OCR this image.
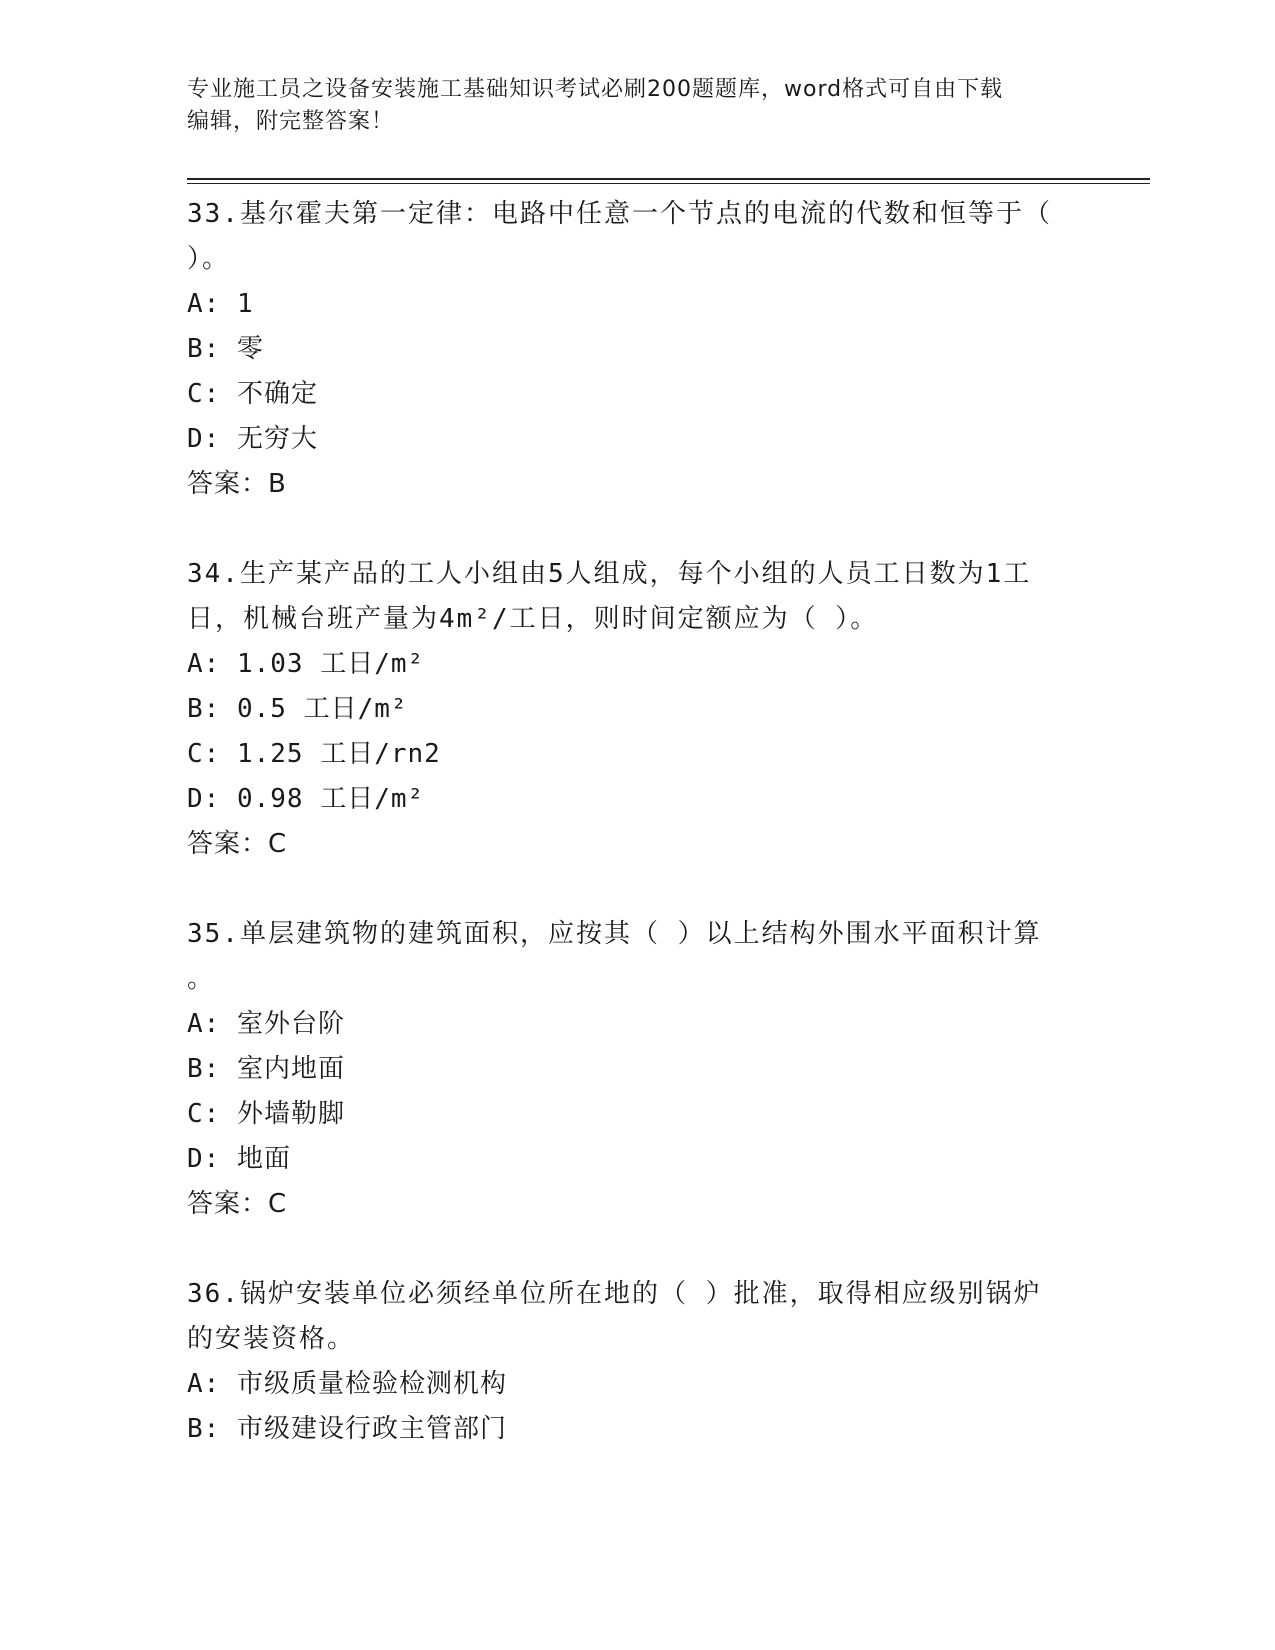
专业施工员之设备安装施工基础知识考试必刷200题题库，word格式可自由下载
编辑，附完整答案！

33.基尔霍夫第一定律：电路中任意一个节点的电流的代数和恒等于（

）。

A: 1

B: 零

C: 不确定

D: 无穷大

答案：B

34.生产某产品的工人小组由5人组成，每个小组的人员工日数为1工

日，机械台班产量为4m²/工日，则时间定额应为（ ）。

A: 1.03 工日/m²

B: 0.5 工日/m²

C: 1.25 工日/rn2

D: 0.98 工日/m²

答案：C

35.单层建筑物的建筑面积，应按其（ ）以上结构外围水平面积计算

。

A: 室外台阶

B: 室内地面

C: 外墙勒脚

D: 地面

答案：C

36.锅炉安装单位必须经单位所在地的（ ）批准，取得相应级别锅炉

的安装资格。

A: 市级质量检验检测机构

B: 市级建设行政主管部门
